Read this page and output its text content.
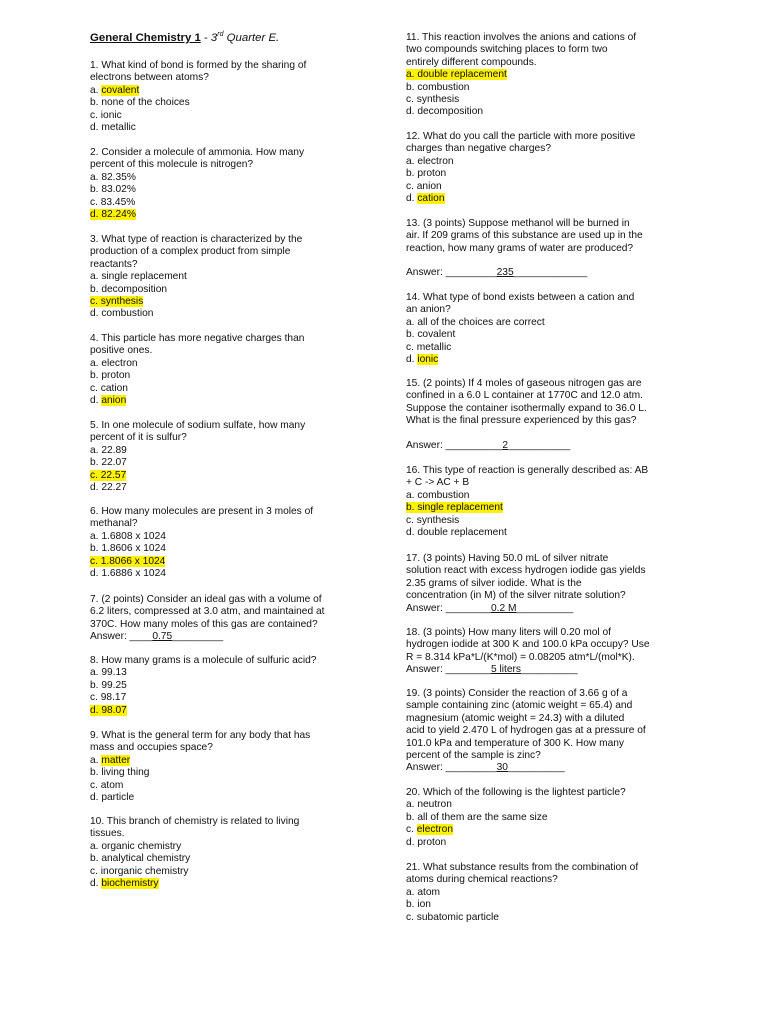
General Chemistry 1 - 3rd Quarter E.
1. What kind of bond is formed by the sharing of
electrons between atoms?
a. covalent
b. none of the choices
c. ionic
d. metallic
2. Consider a molecule of ammonia. How many
percent of this molecule is nitrogen?
a. 82.35%
b. 83.02%
c. 83.45%
d. 82.24%
3. What type of reaction is characterized by the
production of a complex product from simple
reactants?
a. single replacement
b. decomposition
c. synthesis
d. combustion
4. This particle has more negative charges than
positive ones.
a. electron
b. proton
c. cation
d. anion
5. In one molecule of sodium sulfate, how many
percent of it is sulfur?
a. 22.89
b. 22.07
c. 22.57
d. 22.27
6. How many molecules are present in 3 moles of
methanal?
a. 1.6808 x 1024
b. 1.8606 x 1024
c. 1.8066 x 1024
d. 1.6886 x 1024
7. (2 points) Consider an ideal gas with a volume of
6.2 liters, compressed at 3.0 atm, and maintained at
370C. How many moles of this gas are contained?
Answer: ____0.75_________
8. How many grams is a molecule of sulfuric acid?
a. 99.13
b. 99.25
c. 98.17
d. 98.07
9. What is the general term for any body that has
mass and occupies space?
a. matter
b. living thing
c. atom
d. particle
10. This branch of chemistry is related to living
tissues.
a. organic chemistry
b. analytical chemistry
c. inorganic chemistry
d. biochemistry
11. This reaction involves the anions and cations of
two compounds switching places to form two
entirely different compounds.
a. double replacement
b. combustion
c. synthesis
d. decomposition
12. What do you call the particle with more positive
charges than negative charges?
a. electron
b. proton
c. anion
d. cation
13. (3 points) Suppose methanol will be burned in
air. If 209 grams of this substance are used up in the
reaction, how many grams of water are produced?
Answer: _________235_____________
14. What type of bond exists between a cation and
an anion?
a. all of the choices are correct
b. covalent
c. metallic
d. ionic
15. (2 points) If 4 moles of gaseous nitrogen gas are
confined in a 6.0 L container at 1770C and 12.0 atm.
Suppose the container isothermally expand to 36.0 L.
What is the final pressure experienced by this gas?
Answer: __________2___________
16. This type of reaction is generally described as: AB
+ C -> AC + B
a. combustion
b. single replacement
c. synthesis
d. double replacement
17. (3 points) Having 50.0 mL of silver nitrate
solution react with excess hydrogen iodide gas yields
2.35 grams of silver iodide. What is the
concentration (in M) of the silver nitrate solution?
Answer: ________0.2 M__________
18. (3 points) How many liters will 0.20 mol of
hydrogen iodide at 300 K and 100.0 kPa occupy? Use
R = 8.314 kPa*L/(K*mol) = 0.08205 atm*L/(mol*K).
Answer: ________5 liters__________
19. (3 points) Consider the reaction of 3.66 g of a
sample containing zinc (atomic weight = 65.4) and
magnesium (atomic weight = 24.3) with a diluted
acid to yield 2.470 L of hydrogen gas at a pressure of
101.0 kPa and temperature of 300 K. How many
percent of the sample is zinc?
Answer: _________30__________
20. Which of the following is the lightest particle?
a. neutron
b. all of them are the same size
c. electron
d. proton
21. What substance results from the combination of
atoms during chemical reactions?
a. atom
b. ion
c. subatomic particle
